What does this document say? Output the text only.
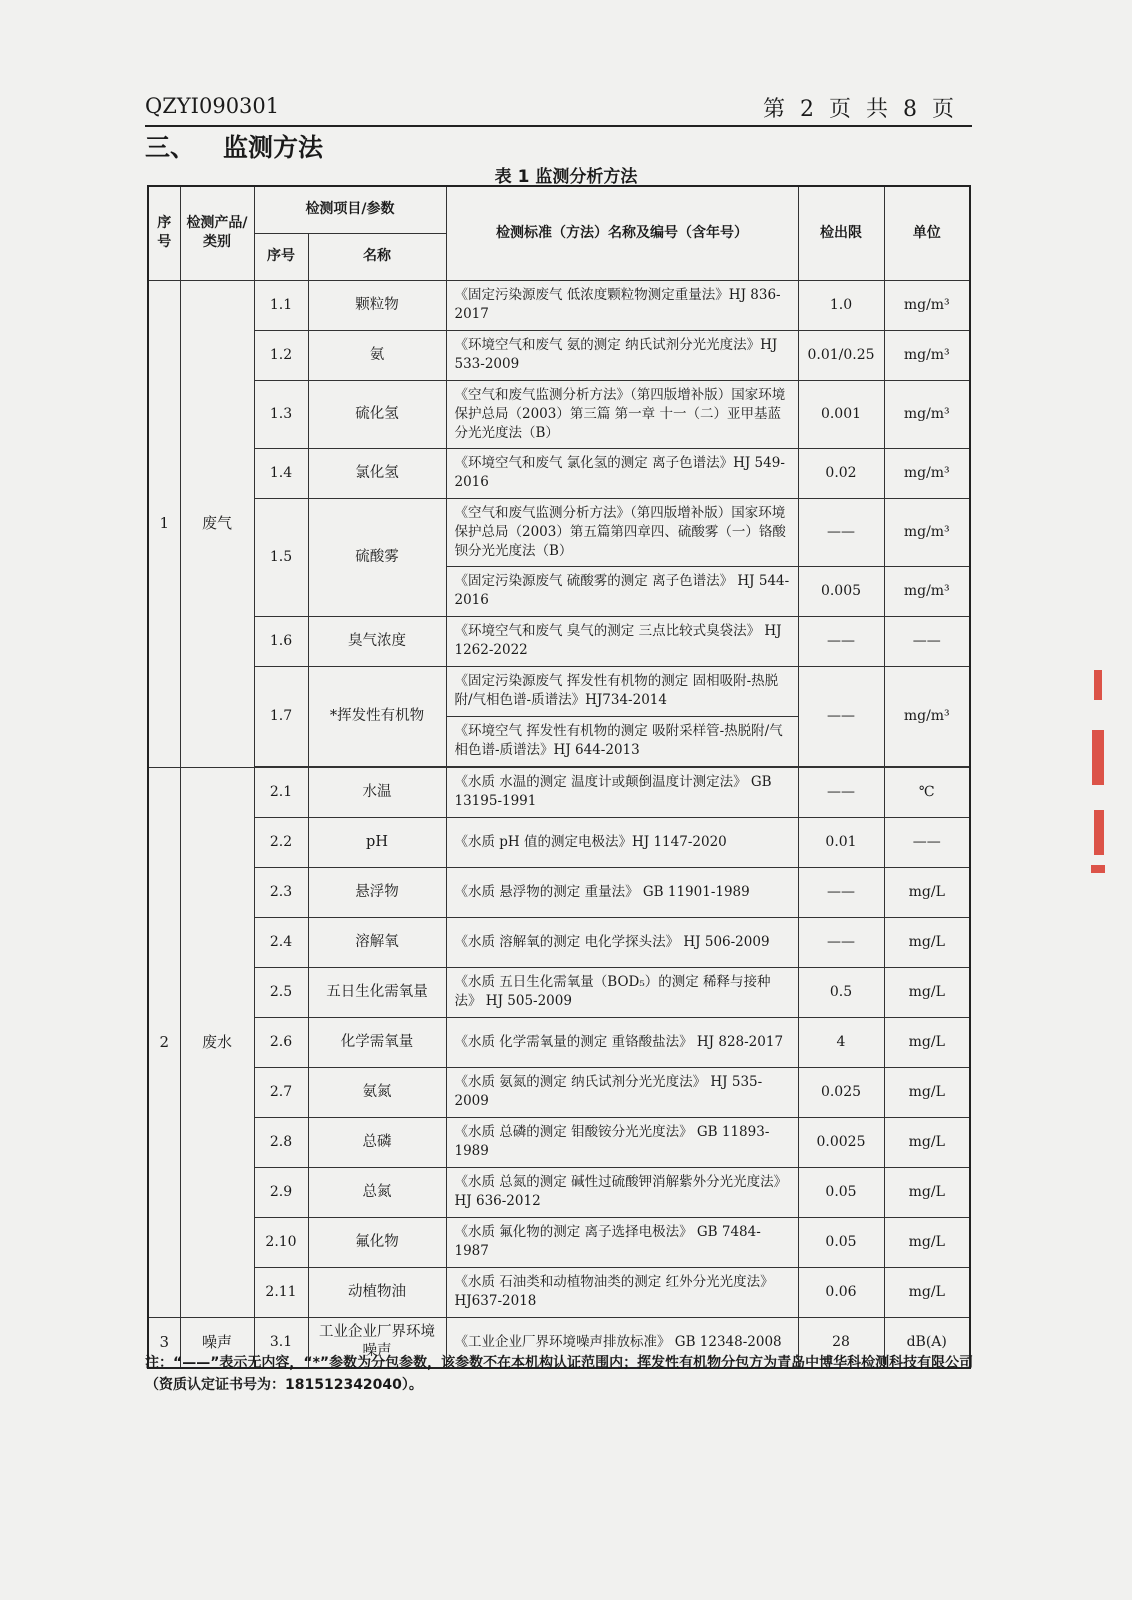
QZYI090301	第 2 页 共 8 页
三、 监测方法
表 1 监测分析方法
序号	检测产品/类别	检测项目/参数		检测标准（方法）名称及编号（含年号）	检出限	单位
		序号	名称			
1	废气	1.1	颗粒物	《固定污染源废气 低浓度颗粒物测定重量法》HJ 836-2017	1.0	mg/m³
		1.2	氨	《环境空气和废气 氨的测定 纳氏试剂分光光度法》HJ 533-2009	0.01/0.25	mg/m³
		1.3	硫化氢	《空气和废气监测分析方法》（第四版增补版）国家环境保护总局（2003）第三篇 第一章 十一（二）亚甲基蓝分光光度法（B）	0.001	mg/m³
		1.4	氯化氢	《环境空气和废气 氯化氢的测定 离子色谱法》HJ 549-2016	0.02	mg/m³
		1.5	硫酸雾	《空气和废气监测分析方法》（第四版增补版）国家环境保护总局（2003）第五篇第四章四、硫酸雾（一）铬酸钡分光光度法（B）	——	mg/m³
				《固定污染源废气 硫酸雾的测定 离子色谱法》 HJ 544-2016	0.005	mg/m³
		1.6	臭气浓度	《环境空气和废气 臭气的测定 三点比较式臭袋法》 HJ 1262-2022	——	——
		1.7	*挥发性有机物	《固定污染源废气 挥发性有机物的测定 固相吸附-热脱附/气相色谱-质谱法》HJ734-2014	——	mg/m³
				《环境空气 挥发性有机物的测定 吸附采样管-热脱附/气相色谱-质谱法》HJ 644-2013		

2	废水	2.1	水温	《水质 水温的测定 温度计或颠倒温度计测定法》 GB 13195-1991	——	℃
		2.2	pH	《水质 pH 值的测定电极法》HJ 1147-2020	0.01	——
		2.3	悬浮物	《水质 悬浮物的测定 重量法》 GB 11901-1989	——	mg/L
		2.4	溶解氧	《水质 溶解氧的测定 电化学探头法》 HJ 506-2009	——	mg/L
		2.5	五日生化需氧量	《水质 五日生化需氧量（BOD₅）的测定 稀释与接种法》 HJ 505-2009	0.5	mg/L
		2.6	化学需氧量	《水质 化学需氧量的测定 重铬酸盐法》 HJ 828-2017	4	mg/L
		2.7	氨氮	《水质 氨氮的测定 纳氏试剂分光光度法》 HJ 535-2009	0.025	mg/L
		2.8	总磷	《水质 总磷的测定 钼酸铵分光光度法》 GB 11893-1989	0.0025	mg/L
		2.9	总氮	《水质 总氮的测定 碱性过硫酸钾消解紫外分光光度法》HJ 636-2012	0.05	mg/L
		2.10	氟化物	《水质 氟化物的测定 离子选择电极法》 GB 7484-1987	0.05	mg/L
		2.11	动植物油	《水质 石油类和动植物油类的测定 红外分光光度法》HJ637-2018	0.06	mg/L
3	噪声	3.1	工业企业厂界环境噪声	《工业企业厂界环境噪声排放标准》 GB 12348-2008	28	dB(A)
注：“——”表示无内容，“*”参数为分包参数，该参数不在本机构认证范围内；挥发性有机物分包方为青岛中博华科检测科技有限公司（资质认定证书号为：181512342040）。
